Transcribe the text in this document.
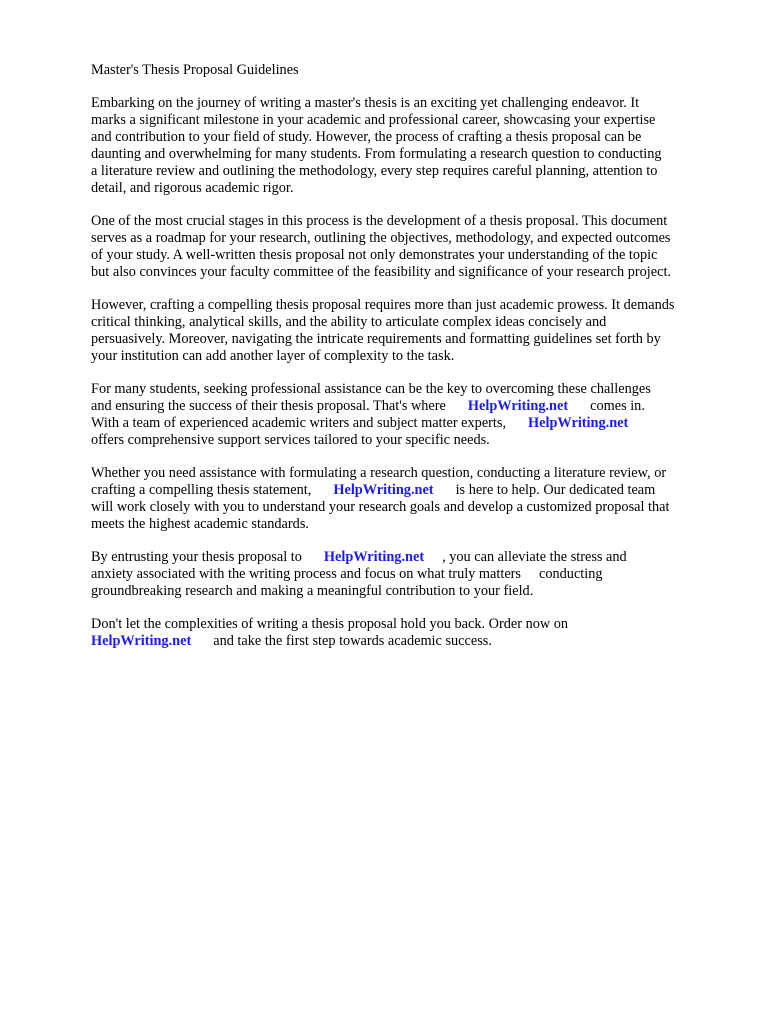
Master's Thesis Proposal Guidelines
Embarking on the journey of writing a master's thesis is an exciting yet challenging endeavor. It
marks a significant milestone in your academic and professional career, showcasing your expertise
and contribution to your field of study. However, the process of crafting a thesis proposal can be
daunting and overwhelming for many students. From formulating a research question to conducting
a literature review and outlining the methodology, every step requires careful planning, attention to
detail, and rigorous academic rigor.
One of the most crucial stages in this process is the development of a thesis proposal. This document
serves as a roadmap for your research, outlining the objectives, methodology, and expected outcomes
of your study. A well-written thesis proposal not only demonstrates your understanding of the topic
but also convinces your faculty committee of the feasibility and significance of your research project.
However, crafting a compelling thesis proposal requires more than just academic prowess. It demands
critical thinking, analytical skills, and the ability to articulate complex ideas concisely and
persuasively. Moreover, navigating the intricate requirements and formatting guidelines set forth by
your institution can add another layer of complexity to the task.
For many students, seeking professional assistance can be the key to overcoming these challenges
and ensuring the success of their thesis proposal. That's where HelpWriting.net comes in.
With a team of experienced academic writers and subject matter experts, HelpWriting.net
offers comprehensive support services tailored to your specific needs.
Whether you need assistance with formulating a research question, conducting a literature review, or
crafting a compelling thesis statement, HelpWriting.net is here to help. Our dedicated team
will work closely with you to understand your research goals and develop a customized proposal that
meets the highest academic standards.
By entrusting your thesis proposal to HelpWriting.net , you can alleviate the stress and
anxiety associated with the writing process and focus on what truly matters conducting
groundbreaking research and making a meaningful contribution to your field.
Don't let the complexities of writing a thesis proposal hold you back. Order now on
HelpWriting.net and take the first step towards academic success.
